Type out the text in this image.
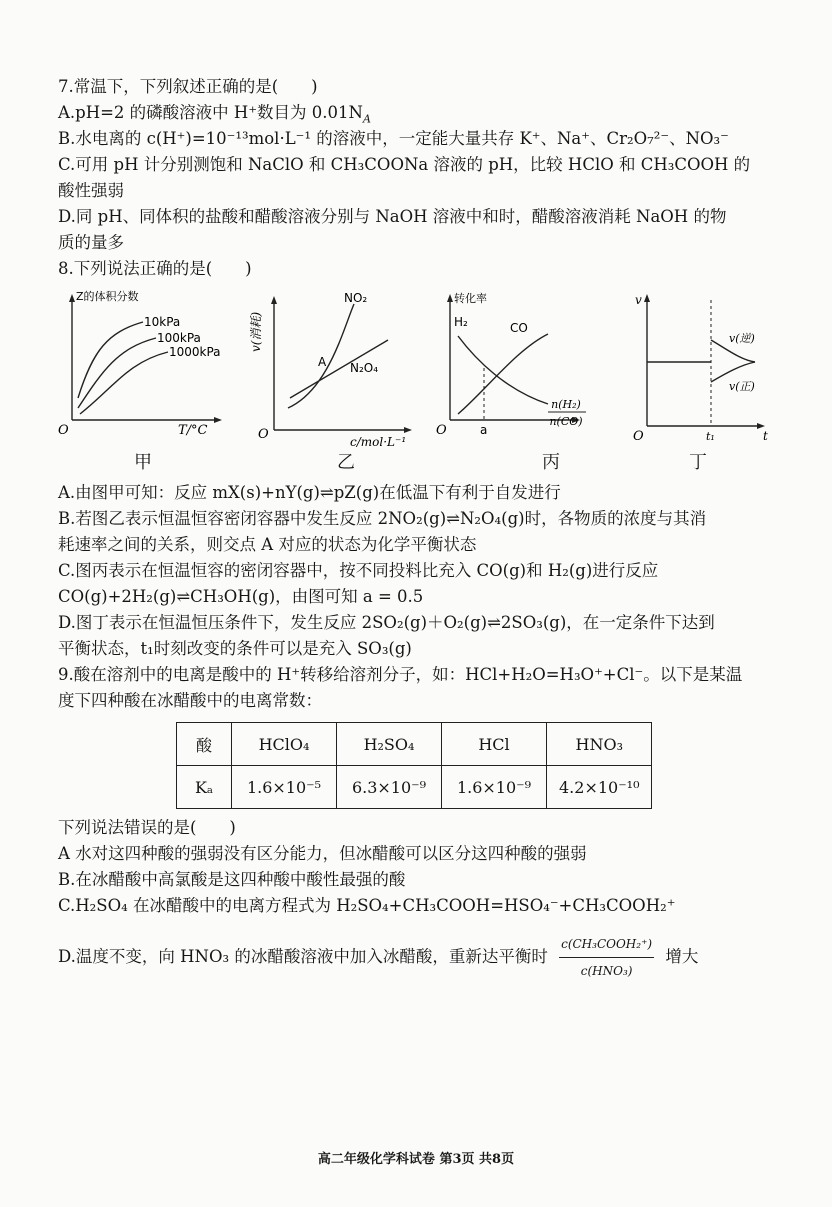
7.常温下，下列叙述正确的是(　　)
A.pH=2 的磷酸溶液中 H⁺数目为 $0.01N_A$
B.水电离的 c(H⁺)=10⁻¹³mol·L⁻¹ 的溶液中，一定能大量共存 K⁺、Na⁺、Cr₂O₇²⁻、NO₃⁻
C.可用 pH 计分别测饱和 NaClO 和 CH₃COONa 溶液的 pH，比较 HClO 和 CH₃COOH 的
酸性强弱
D.同 pH、同体积的盐酸和醋酸溶液分别与 NaOH 溶液中和时，醋酸溶液消耗 NaOH 的物
质的量多
8.下列说法正确的是(　　)
Z的体积分数
10kPa
100kPa
1000kPa
O	T/°C
甲
v(消耗)
NO₂
N₂O₄
A
O	c/mol·L⁻¹
乙
转化率
H₂	CO
a
O
n(H₂)
n(CO)
丙
v
v(逆)
v(正)
t₁
O	t
丁
A.由图甲可知：反应 mX(s)+nY(g)⇌pZ(g)在低温下有利于自发进行
B.若图乙表示恒温恒容密闭容器中发生反应 2NO₂(g)⇌N₂O₄(g)时，各物质的浓度与其消
耗速率之间的关系，则交点 A 对应的状态为化学平衡状态
C.图丙表示在恒温恒容的密闭容器中，按不同投料比充入 CO(g)和 H₂(g)进行反应
CO(g)+2H₂(g)⇌CH₃OH(g)，由图可知 a = 0.5
D.图丁表示在恒温恒压条件下，发生反应 2SO₂(g)＋O₂(g)⇌2SO₃(g)，在一定条件下达到
平衡状态，t₁时刻改变的条件可以是充入 SO₃(g)
9.酸在溶剂中的电离是酸中的 H⁺转移给溶剂分子，如：HCl+H₂O=H₃O⁺+Cl⁻。以下是某温
度下四种酸在冰醋酸中的电离常数：
酸	HClO₄	H₂SO₄	HCl	HNO₃
Kₐ	1.6×10⁻⁵	6.3×10⁻⁹	1.6×10⁻⁹	4.2×10⁻¹⁰
下列说法错误的是(　　)
A 水对这四种酸的强弱没有区分能力，但冰醋酸可以区分这四种酸的强弱
B.在冰醋酸中高氯酸是这四种酸中酸性最强的酸
C.H₂SO₄ 在冰醋酸中的电离方程式为 H₂SO₄+CH₃COOH=HSO₄⁻+CH₃COOH₂⁺
D.温度不变，向 HNO₃ 的冰醋酸溶液中加入冰醋酸，重新达平衡时 $\frac{\text{c(CH₃COOH₂⁺)}}{\text{c(HNO₃)}}$ 增大
高二年级化学科试卷 第3页 共8页
